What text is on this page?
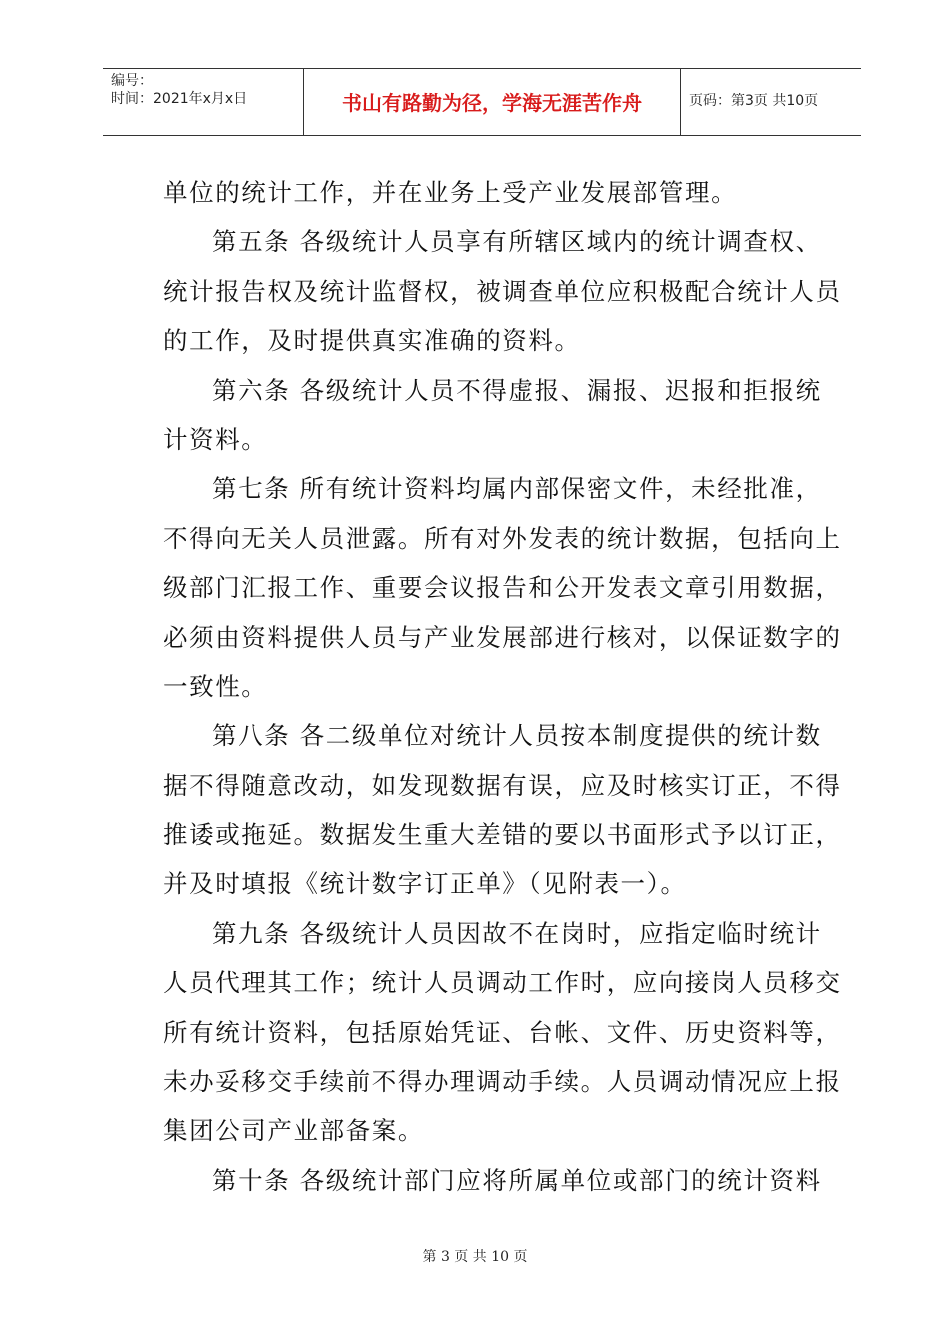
编号：
时间：2021年x月x日	书山有路勤为径，学海无涯苦作舟	页码：第3页 共10页
单位的统计工作，并在业务上受产业发展部管理。
第五条 各级统计人员享有所辖区域内的统计调查权、
统计报告权及统计监督权，被调查单位应积极配合统计人员
的工作，及时提供真实准确的资料。
第六条 各级统计人员不得虚报、漏报、迟报和拒报统
计资料。
第七条 所有统计资料均属内部保密文件，未经批准，
不得向无关人员泄露。所有对外发表的统计数据，包括向上
级部门汇报工作、重要会议报告和公开发表文章引用数据，
必须由资料提供人员与产业发展部进行核对，以保证数字的
一致性。
第八条 各二级单位对统计人员按本制度提供的统计数
据不得随意改动，如发现数据有误，应及时核实订正，不得
推诿或拖延。数据发生重大差错的要以书面形式予以订正，
并及时填报《统计数字订正单》（见附表一）。
第九条 各级统计人员因故不在岗时，应指定临时统计
人员代理其工作；统计人员调动工作时，应向接岗人员移交
所有统计资料，包括原始凭证、台帐、文件、历史资料等，
未办妥移交手续前不得办理调动手续。人员调动情况应上报
集团公司产业部备案。
第十条 各级统计部门应将所属单位或部门的统计资料
第 3 页 共 10 页
